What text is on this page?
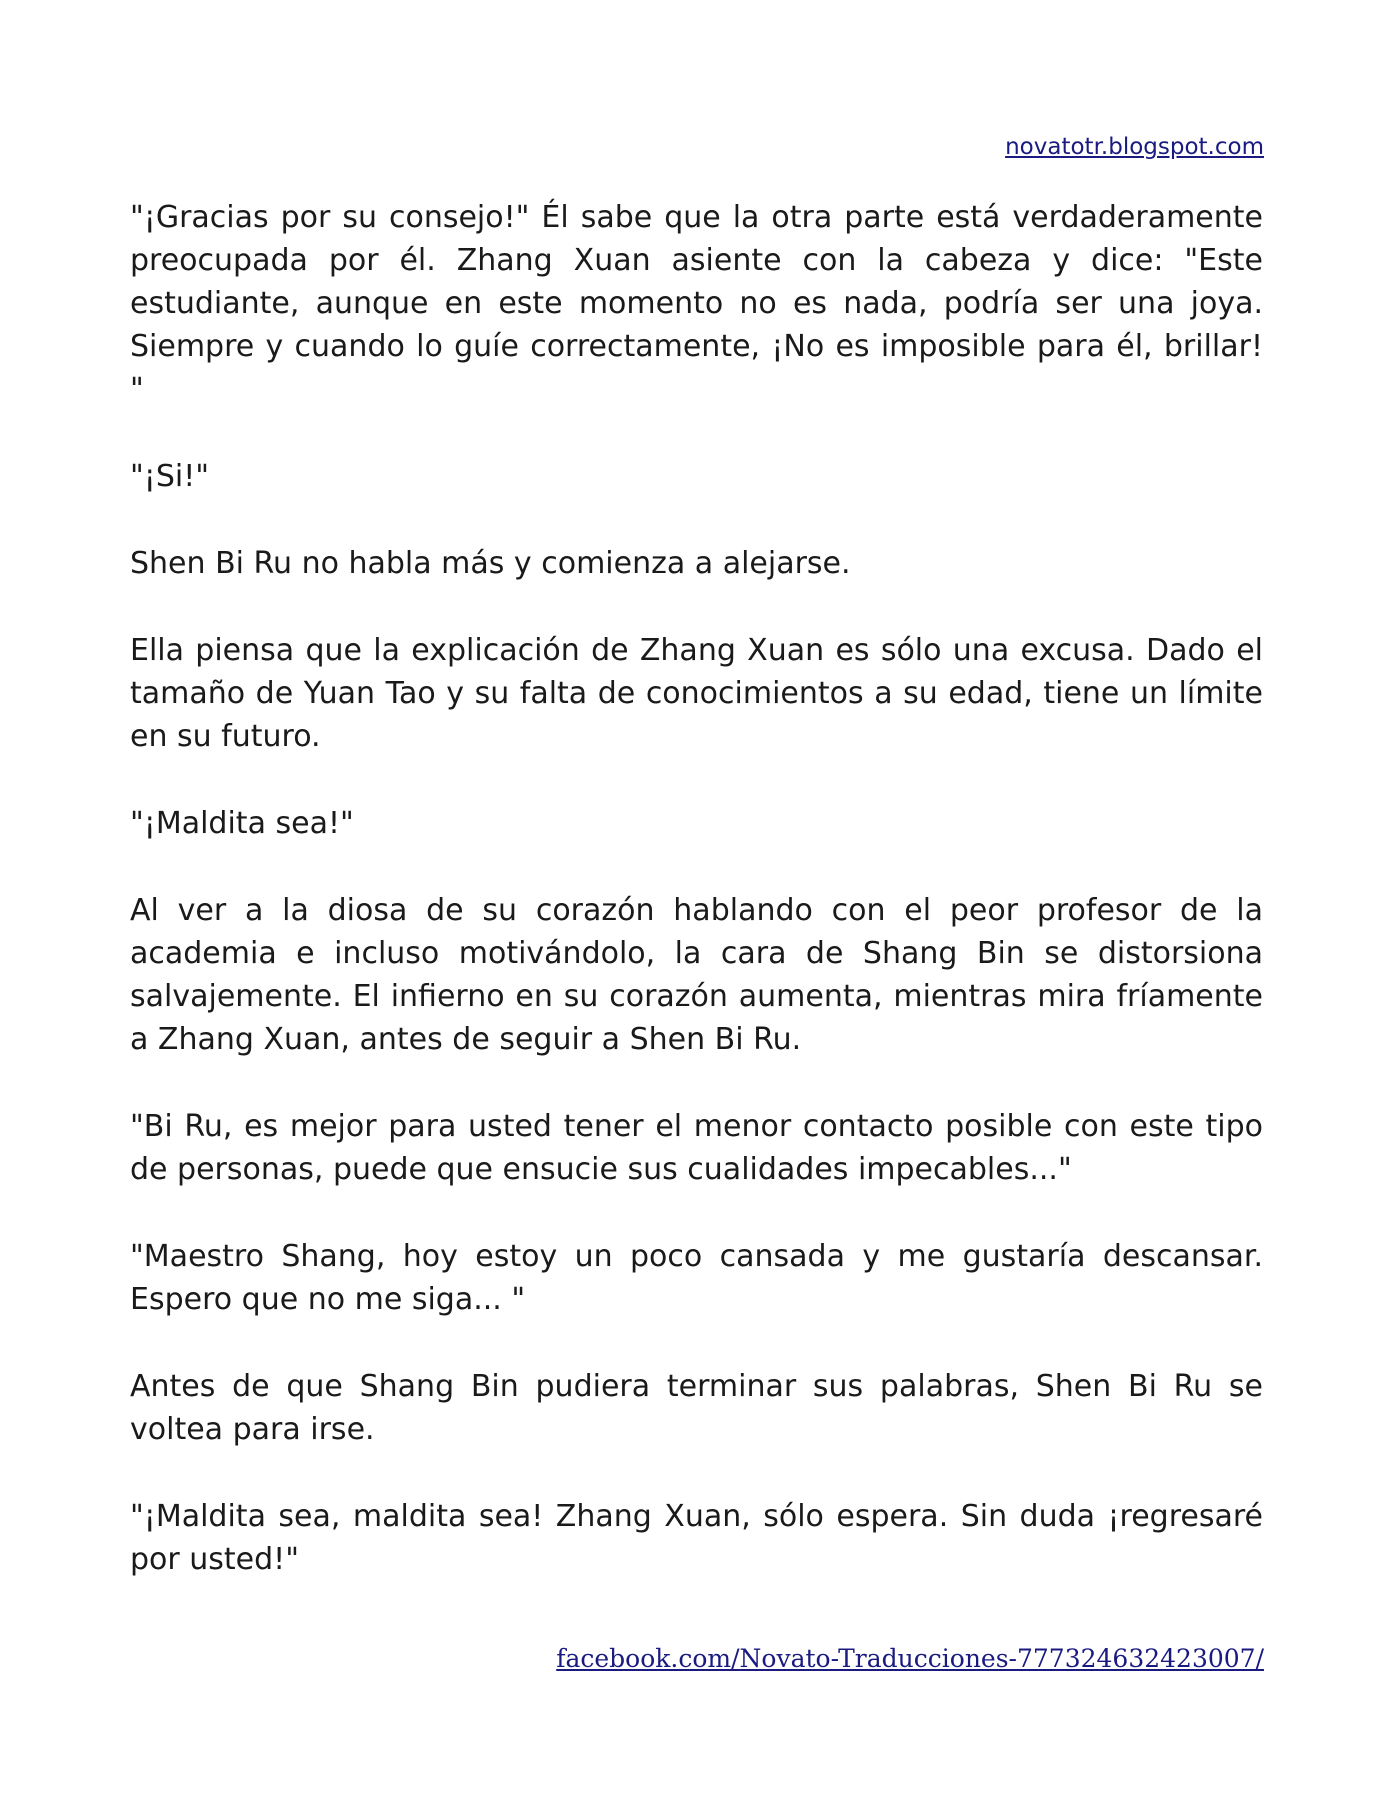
novatotr.blogspot.com

"¡Gracias por su consejo!" Él sabe que la otra parte está verdaderamente preocupada por él. Zhang Xuan asiente con la cabeza y dice: "Este estudiante, aunque en este momento no es nada, podría ser una joya. Siempre y cuando lo guíe correctamente, ¡No es imposible para él, brillar! "

"¡Si!"

Shen Bi Ru no habla más y comienza a alejarse.

Ella piensa que la explicación de Zhang Xuan es sólo una excusa. Dado el tamaño de Yuan Tao y su falta de conocimientos a su edad, tiene un límite en su futuro.

"¡Maldita sea!"

Al ver a la diosa de su corazón hablando con el peor profesor de la academia e incluso motivándolo, la cara de Shang Bin se distorsiona salvajemente. El infierno en su corazón aumenta, mientras mira fríamente a Zhang Xuan, antes de seguir a Shen Bi Ru.

"Bi Ru, es mejor para usted tener el menor contacto posible con este tipo de personas, puede que ensucie sus cualidades impecables..."

"Maestro Shang, hoy estoy un poco cansada y me gustaría descansar. Espero que no me siga... "

Antes de que Shang Bin pudiera terminar sus palabras, Shen Bi Ru se voltea para irse.

"¡Maldita sea, maldita sea! Zhang Xuan, sólo espera. Sin duda ¡regresaré por usted!"

facebook.com/Novato-Traducciones-777324632423007/
